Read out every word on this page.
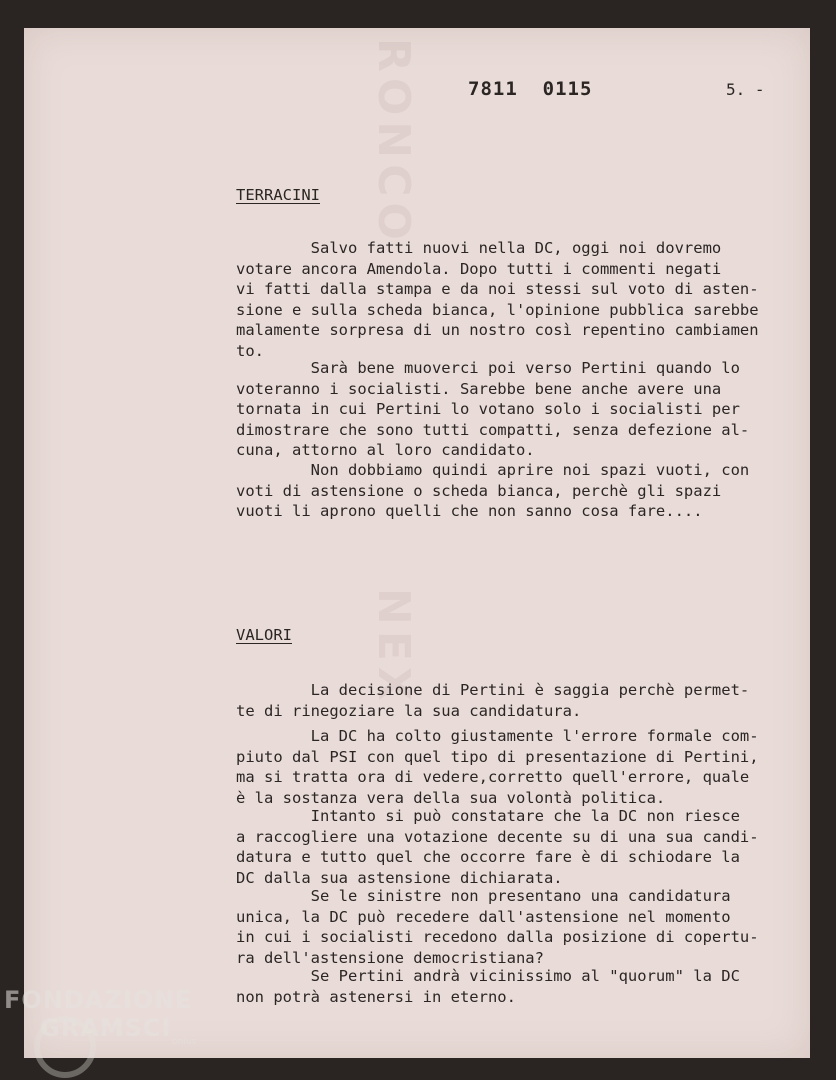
RONCO
NEX
7811  0115	5. -
TERRACINI
Salvo fatti nuovi nella DC, oggi noi dovremo
votare ancora Amendola. Dopo tutti i commenti negati
vi fatti dalla stampa e da noi stessi sul voto di asten-
sione e sulla scheda bianca, l'opinione pubblica sarebbe
malamente sorpresa di un nostro così repentino cambiamen
to.
Sarà bene muoverci poi verso Pertini quando lo
voteranno i socialisti. Sarebbe bene anche avere una
tornata in cui Pertini lo votano solo i socialisti per
dimostrare che sono tutti compatti, senza defezione al-
cuna, attorno al loro candidato.
Non dobbiamo quindi aprire noi spazi vuoti, con
voti di astensione o scheda bianca, perchè gli spazi
vuoti li aprono quelli che non sanno cosa fare....
VALORI
La decisione di Pertini è saggia perchè permet-
te di rinegoziare la sua candidatura.
La DC ha colto giustamente l'errore formale com-
piuto dal PSI con quel tipo di presentazione di Pertini,
ma si tratta ora di vedere,corretto quell'errore, quale
è la sostanza vera della sua volontà politica.
Intanto si può constatare che la DC non riesce
a raccogliere una votazione decente su di una sua candi-
datura e tutto quel che occorre fare è di schiodare la
DC dalla sua astensione dichiarata.
Se le sinistre non presentano una candidatura
unica, la DC può recedere dall'astensione nel momento
in cui i socialisti recedono dalla posizione di copertu-
ra dell'astensione democristiana?
Se Pertini andrà vicinissimo al "quorum" la DC
non potrà astenersi in eterno.
FONDAZIONE
GRAMSCI onlus
